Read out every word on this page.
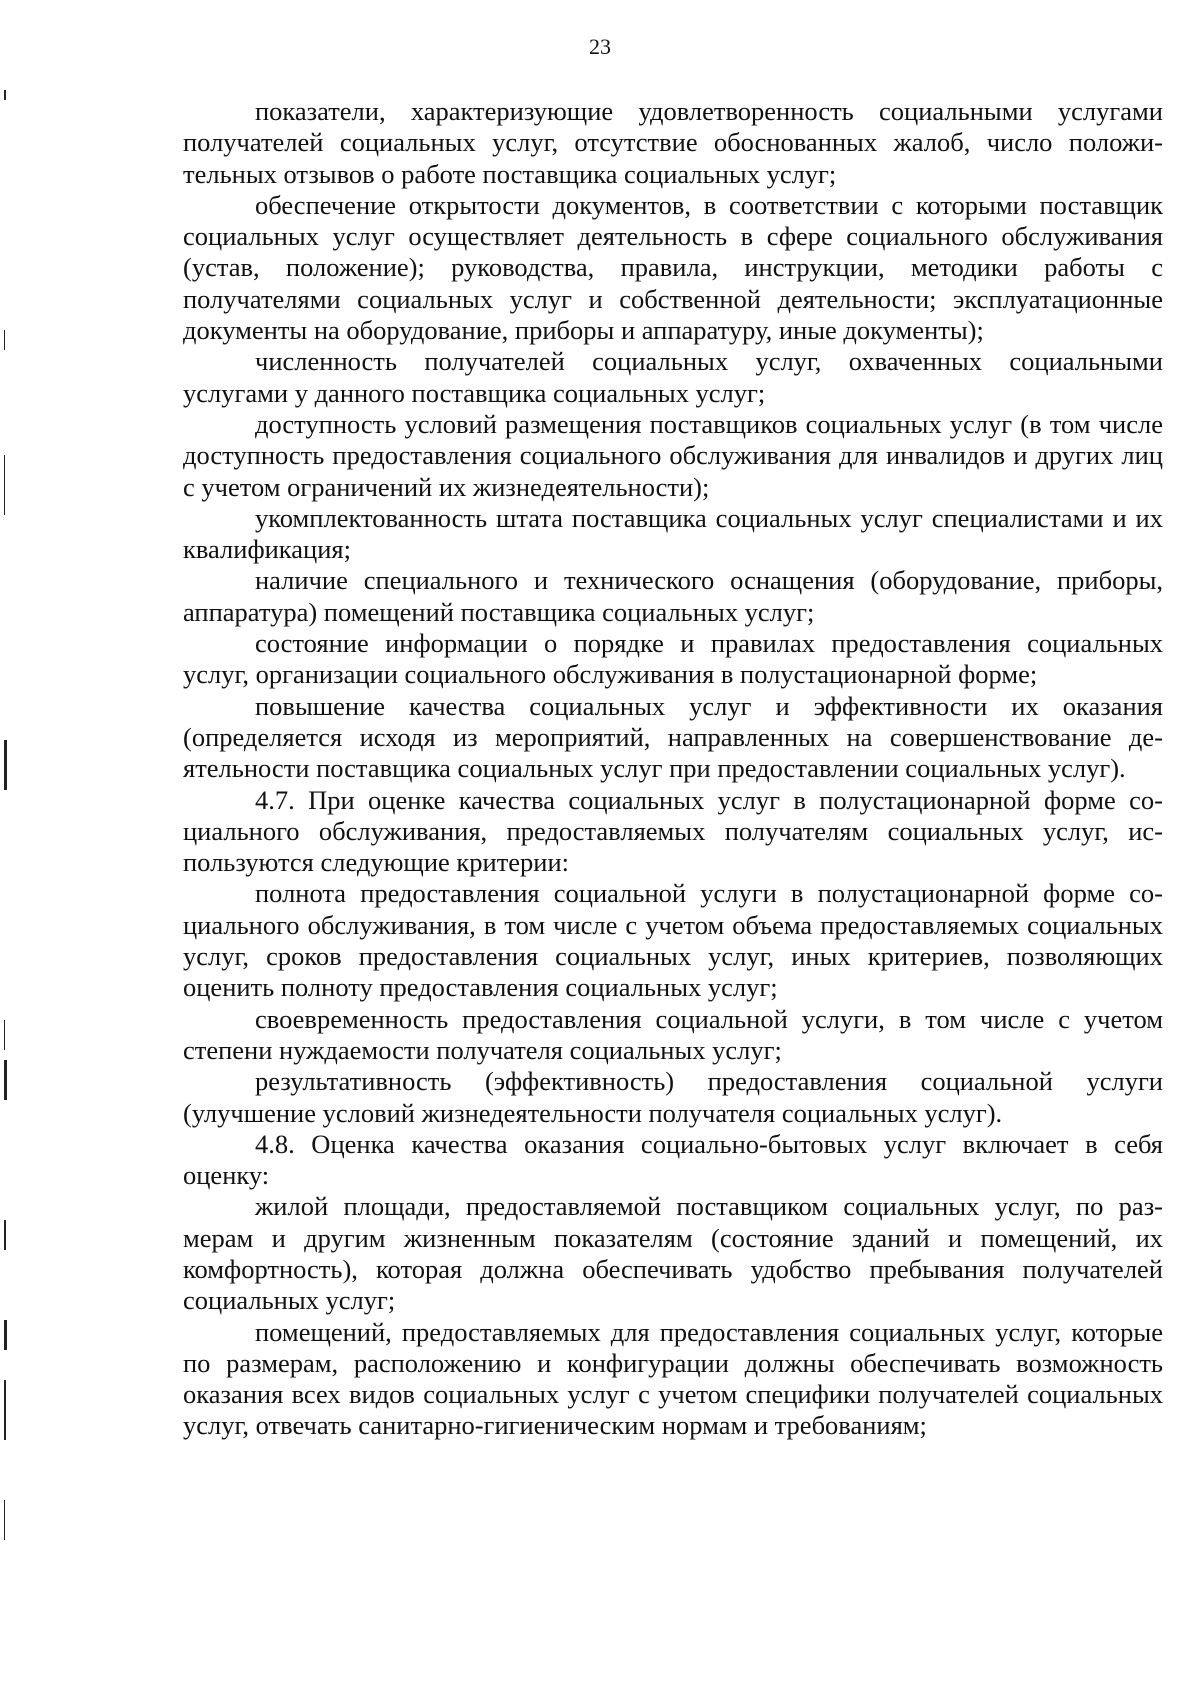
23

показатели, характеризующие удовлетворенность социальными услугами получателей социальных услуг, отсутствие обоснованных жалоб, число положительных отзывов о работе поставщика социальных услуг;

обеспечение открытости документов, в соответствии с которыми поставщик социальных услуг осуществляет деятельность в сфере социального обслуживания (устав, положение); руководства, правила, инструкции, методики работы с получателями социальных услуг и собственной деятельности; эксплуатационные документы на оборудование, приборы и аппаратуру, иные документы);

численность получателей социальных услуг, охваченных социальными услугами у данного поставщика социальных услуг;

доступность условий размещения поставщиков социальных услуг (в том числе доступность предоставления социального обслуживания для инвалидов и других лиц с учетом ограничений их жизнедеятельности);

укомплектованность штата поставщика социальных услуг специалистами и их квалификация;

наличие специального и технического оснащения (оборудование, приборы, аппаратура) помещений поставщика социальных услуг;

состояние информации о порядке и правилах предоставления социальных услуг, организации социального обслуживания в полустационарной форме;

повышение качества социальных услуг и эффективности их оказания (определяется исходя из мероприятий, направленных на совершенствование деятельности поставщика социальных услуг при предоставлении социальных услуг).

4.7. При оценке качества социальных услуг в полустационарной форме социального обслуживания, предоставляемых получателям социальных услуг, используются следующие критерии:

полнота предоставления социальной услуги в полустационарной форме социального обслуживания, в том числе с учетом объема предоставляемых социальных услуг, сроков предоставления социальных услуг, иных критериев, позволяющих оценить полноту предоставления социальных услуг;

своевременность предоставления социальной услуги, в том числе с учетом степени нуждаемости получателя социальных услуг;

результативность (эффективность) предоставления социальной услуги (улучшение условий жизнедеятельности получателя социальных услуг).

4.8. Оценка качества оказания социально-бытовых услуг включает в себя оценку:

жилой площади, предоставляемой поставщиком социальных услуг, по размерам и другим жизненным показателям (состояние зданий и помещений, их комфортность), которая должна обеспечивать удобство пребывания получателей социальных услуг;

помещений, предоставляемых для предоставления социальных услуг, которые по размерам, расположению и конфигурации должны обеспечивать возможность оказания всех видов социальных услуг с учетом специфики получателей социальных услуг, отвечать санитарно-гигиеническим нормам и требованиям;
